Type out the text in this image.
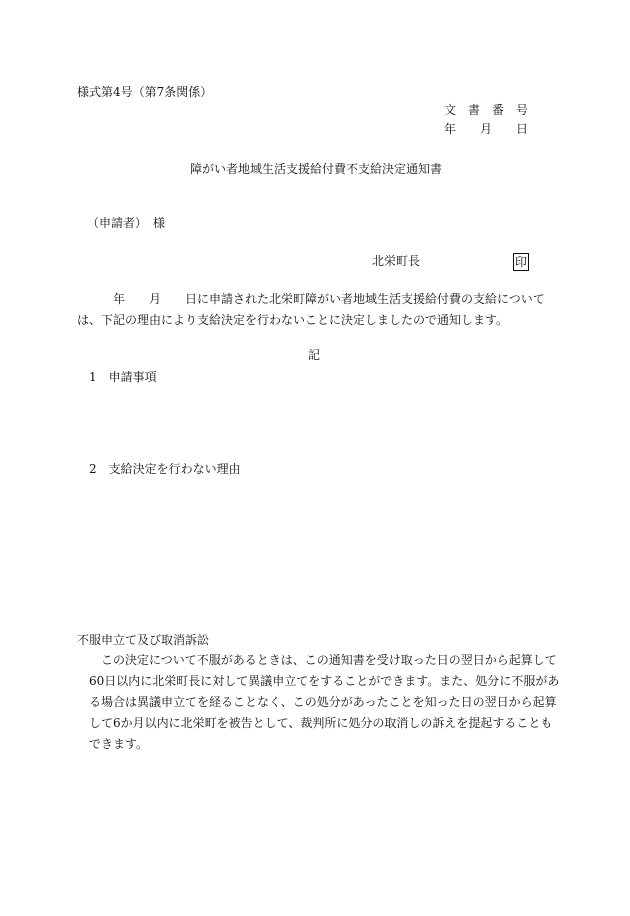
様式第4号（第7条関係）
文　書　番　号
年　　月　　日
障がい者地域生活支援給付費不支給決定通知書
（申請者）　様
北栄町長	印
年　　月　　日に申請された北栄町障がい者地域生活支援給付費の支給について
は、下記の理由により支給決定を行わないことに決定しましたので通知します。
記
1　申請事項
2　支給決定を行わない理由
不服申立て及び取消訴訟
この決定について不服があるときは、この通知書を受け取った日の翌日から起算して
60日以内に北栄町長に対して異議申立てをすることができます。また、処分に不服があ
る場合は異議申立てを経ることなく、この処分があったことを知った日の翌日から起算
して6か月以内に北栄町を被告として、裁判所に処分の取消しの訴えを提起することも
できます。
